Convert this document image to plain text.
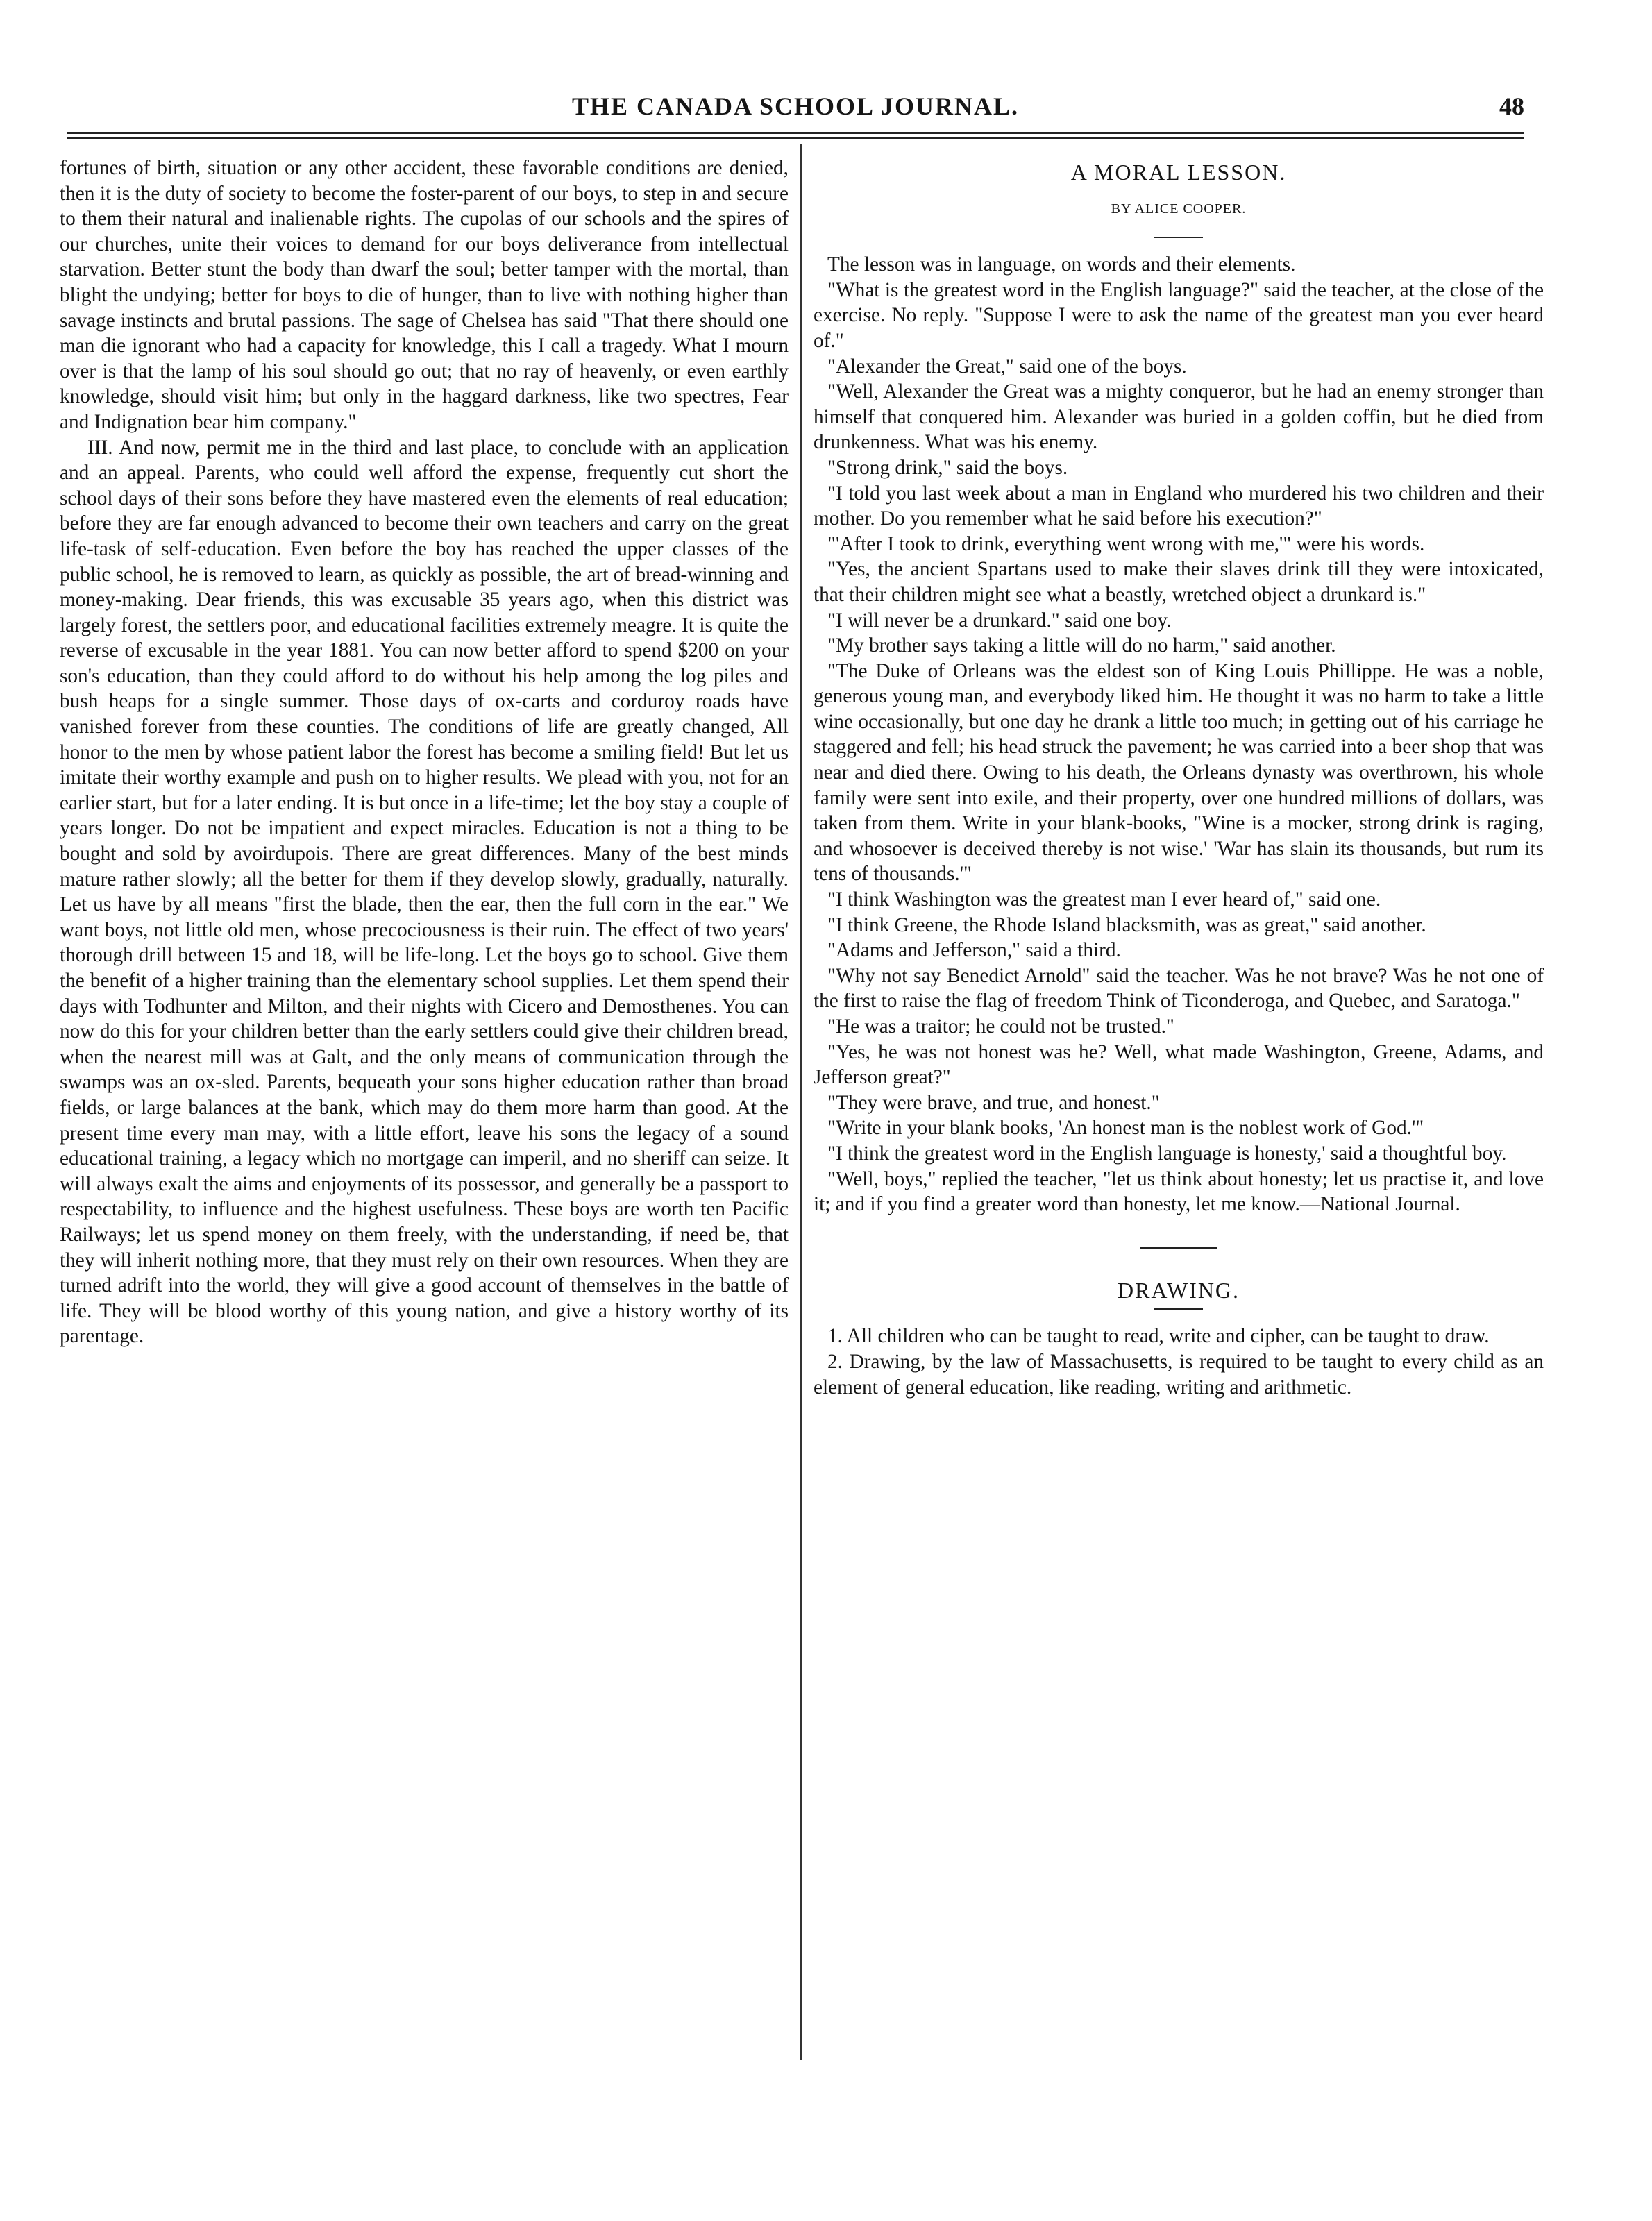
THE CANADA SCHOOL JOURNAL.	48

fortunes of birth, situation or any other accident, these favorable conditions are denied, then it is the duty of society to become the foster-parent of our boys, to step in and secure to them their natural and inalienable rights. The cupolas of our schools and the spires of our churches, unite their voices to demand for our boys deliverance from intellectual starvation. Better stunt the body than dwarf the soul; better tamper with the mortal, than blight the undying; better for boys to die of hunger, than to live with nothing higher than savage instincts and brutal passions. The sage of Chelsea has said "That there should one man die ignorant who had a capacity for knowledge, this I call a tragedy. What I mourn over is that the lamp of his soul should go out; that no ray of heavenly, or even earthly knowledge, should visit him; but only in the haggard darkness, like two spectres, Fear and Indignation bear him company."

III. And now, permit me in the third and last place, to conclude with an application and an appeal. Parents, who could well afford the expense, frequently cut short the school days of their sons before they have mastered even the elements of real education; before they are far enough advanced to become their own teachers and carry on the great life-task of self-education. Even before the boy has reached the upper classes of the public school, he is removed to learn, as quickly as possible, the art of bread-winning and money-making. Dear friends, this was excusable 35 years ago, when this district was largely forest, the settlers poor, and educational facilities extremely meagre. It is quite the reverse of excusable in the year 1881. You can now better afford to spend $200 on your son's education, than they could afford to do without his help among the log piles and bush heaps for a single summer. Those days of ox-carts and corduroy roads have vanished forever from these counties. The conditions of life are greatly changed, All honor to the men by whose patient labor the forest has become a smiling field! But let us imitate their worthy example and push on to higher results. We plead with you, not for an earlier start, but for a later ending. It is but once in a life-time; let the boy stay a couple of years longer. Do not be impatient and expect miracles. Education is not a thing to be bought and sold by avoirdupois. There are great differences. Many of the best minds mature rather slowly; all the better for them if they develop slowly, gradually, naturally. Let us have by all means "first the blade, then the ear, then the full corn in the ear." We want boys, not little old men, whose precociousness is their ruin. The effect of two years' thorough drill between 15 and 18, will be life-long. Let the boys go to school. Give them the benefit of a higher training than the elementary school supplies. Let them spend their days with Todhunter and Milton, and their nights with Cicero and Demosthenes. You can now do this for your children better than the early settlers could give their children bread, when the nearest mill was at Galt, and the only means of communication through the swamps was an ox-sled. Parents, bequeath your sons higher education rather than broad fields, or large balances at the bank, which may do them more harm than good. At the present time every man may, with a little effort, leave his sons the legacy of a sound educational training, a legacy which no mortgage can imperil, and no sheriff can seize. It will always exalt the aims and enjoyments of its possessor, and generally be a passport to respectability, to influence and the highest usefulness. These boys are worth ten Pacific Railways; let us spend money on them freely, with the understanding, if need be, that they will inherit nothing more, that they must rely on their own resources. When they are turned adrift into the world, they will give a good account of themselves in the battle of life. They will be blood worthy of this young nation, and give a history worthy of its parentage.

A MORAL LESSON.
BY ALICE COOPER.

The lesson was in language, on words and their elements.

"What is the greatest word in the English language?" said the teacher, at the close of the exercise. No reply. "Suppose I were to ask the name of the greatest man you ever heard of."

"Alexander the Great," said one of the boys.

"Well, Alexander the Great was a mighty conqueror, but he had an enemy stronger than himself that conquered him. Alexander was buried in a golden coffin, but he died from drunkenness. What was his enemy.

"Strong drink," said the boys.

"I told you last week about a man in England who murdered his two children and their mother. Do you remember what he said before his execution?"

"'After I took to drink, everything went wrong with me,'" were his words.

"Yes, the ancient Spartans used to make their slaves drink till they were intoxicated, that their children might see what a beastly, wretched object a drunkard is."

"I will never be a drunkard." said one boy.

"My brother says taking a little will do no harm," said another.

"The Duke of Orleans was the eldest son of King Louis Phillippe. He was a noble, generous young man, and everybody liked him. He thought it was no harm to take a little wine occasionally, but one day he drank a little too much; in getting out of his carriage he staggered and fell; his head struck the pavement; he was carried into a beer shop that was near and died there. Owing to his death, the Orleans dynasty was overthrown, his whole family were sent into exile, and their property, over one hundred millions of dollars, was taken from them. Write in your blank-books, "Wine is a mocker, strong drink is raging, and whosoever is deceived thereby is not wise.' 'War has slain its thousands, but rum its tens of thousands.'"

"I think Washington was the greatest man I ever heard of," said one.

"I think Greene, the Rhode Island blacksmith, was as great," said another.

"Adams and Jefferson," said a third.

"Why not say Benedict Arnold" said the teacher. Was he not brave? Was he not one of the first to raise the flag of freedom Think of Ticonderoga, and Quebec, and Saratoga."

"He was a traitor; he could not be trusted."

"Yes, he was not honest was he? Well, what made Washington, Greene, Adams, and Jefferson great?"

"They were brave, and true, and honest."

"Write in your blank books, 'An honest man is the noblest work of God.'"

"I think the greatest word in the English language is honesty,' said a thoughtful boy.

"Well, boys," replied the teacher, "let us think about honesty; let us practise it, and love it; and if you find a greater word than honesty, let me know.—National Journal.

DRAWING.

1. All children who can be taught to read, write and cipher, can be taught to draw.

2. Drawing, by the law of Massachusetts, is required to be taught to every child as an element of general education, like reading, writing and arithmetic.
